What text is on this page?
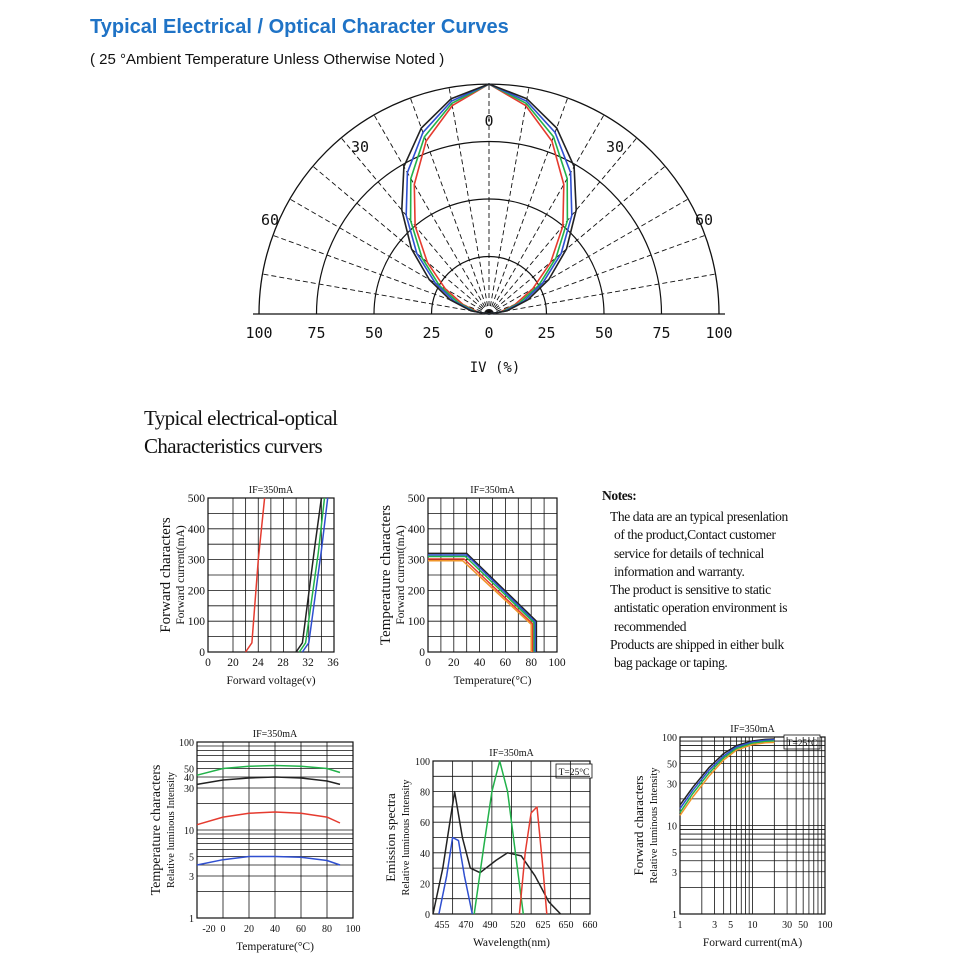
Typical Electrical / Optical Character Curves
( 25 °Ambient Temperature Unless Otherwise Noted )
Typical electrical-optical
Characteristics curvers
Notes:
The data are an typical presenlation
of the product,Contact customer
service for details of technical
information and warranty.
The product is sensitive to static
antistatic operation environment is
recommended
Products are shipped in either bulk
bag package or taping.
0
30	30
60	60
100 75	50	25	0	25	50	75 100
IV (%)
0 20 24 28 32 36
0
100
200
300
400
500
IF=350mA
Forward voltage(v)
Forward characters Forward current(mA)
0 20 40 60 80 100
0
100
200
300
400
500
IF=350mA
Temperature(°C)
Temperature characters Forward current(mA)
-20 0 20 40 60 80 100
1
3
5
10
30
40
50
100
IF=350mA
Temperature(°C)
Temperature characters Relative luminous Intensity
455 470 490 520 625 650 660
0
20
40
60
80
100
IF=350mA
Wavelength(nm)
Emission spectra Relative luminous Intensity
T=25°C
1	3 5 10 30 50 100
1
3
5
10
30
50
100
IF=350mA
Forward current(mA)
Forward characters Relative luminous Intensity
T=25°C
